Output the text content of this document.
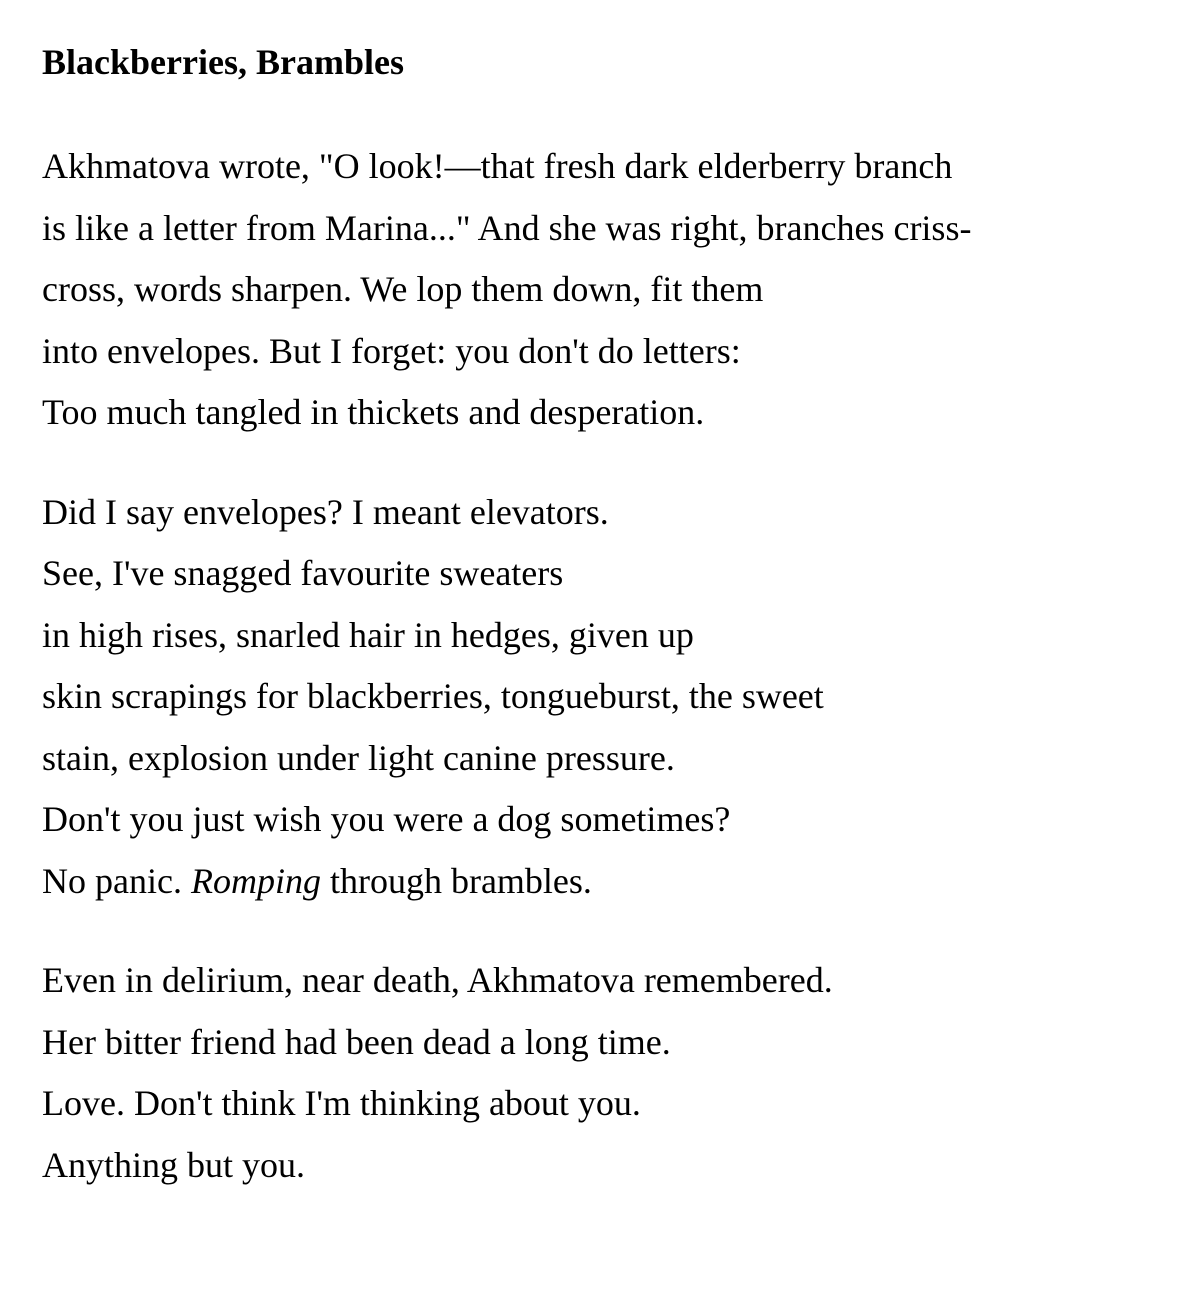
Blackberries, Brambles

Akhmatova wrote, "O look!—that fresh dark elderberry branch

is like a letter from Marina..." And she was right, branches criss-

cross, words sharpen. We lop them down, fit them

into envelopes. But I forget: you don't do letters:

Too much tangled in thickets and desperation.

Did I say envelopes? I meant elevators.

See, I've snagged favourite sweaters

in high rises, snarled hair in hedges, given up

skin scrapings for blackberries, tongueburst, the sweet

stain, explosion under light canine pressure.

Don't you just wish you were a dog sometimes?

No panic. Romping through brambles.

Even in delirium, near death, Akhmatova remembered.

Her bitter friend had been dead a long time.

Love. Don't think I'm thinking about you.

Anything but you.
